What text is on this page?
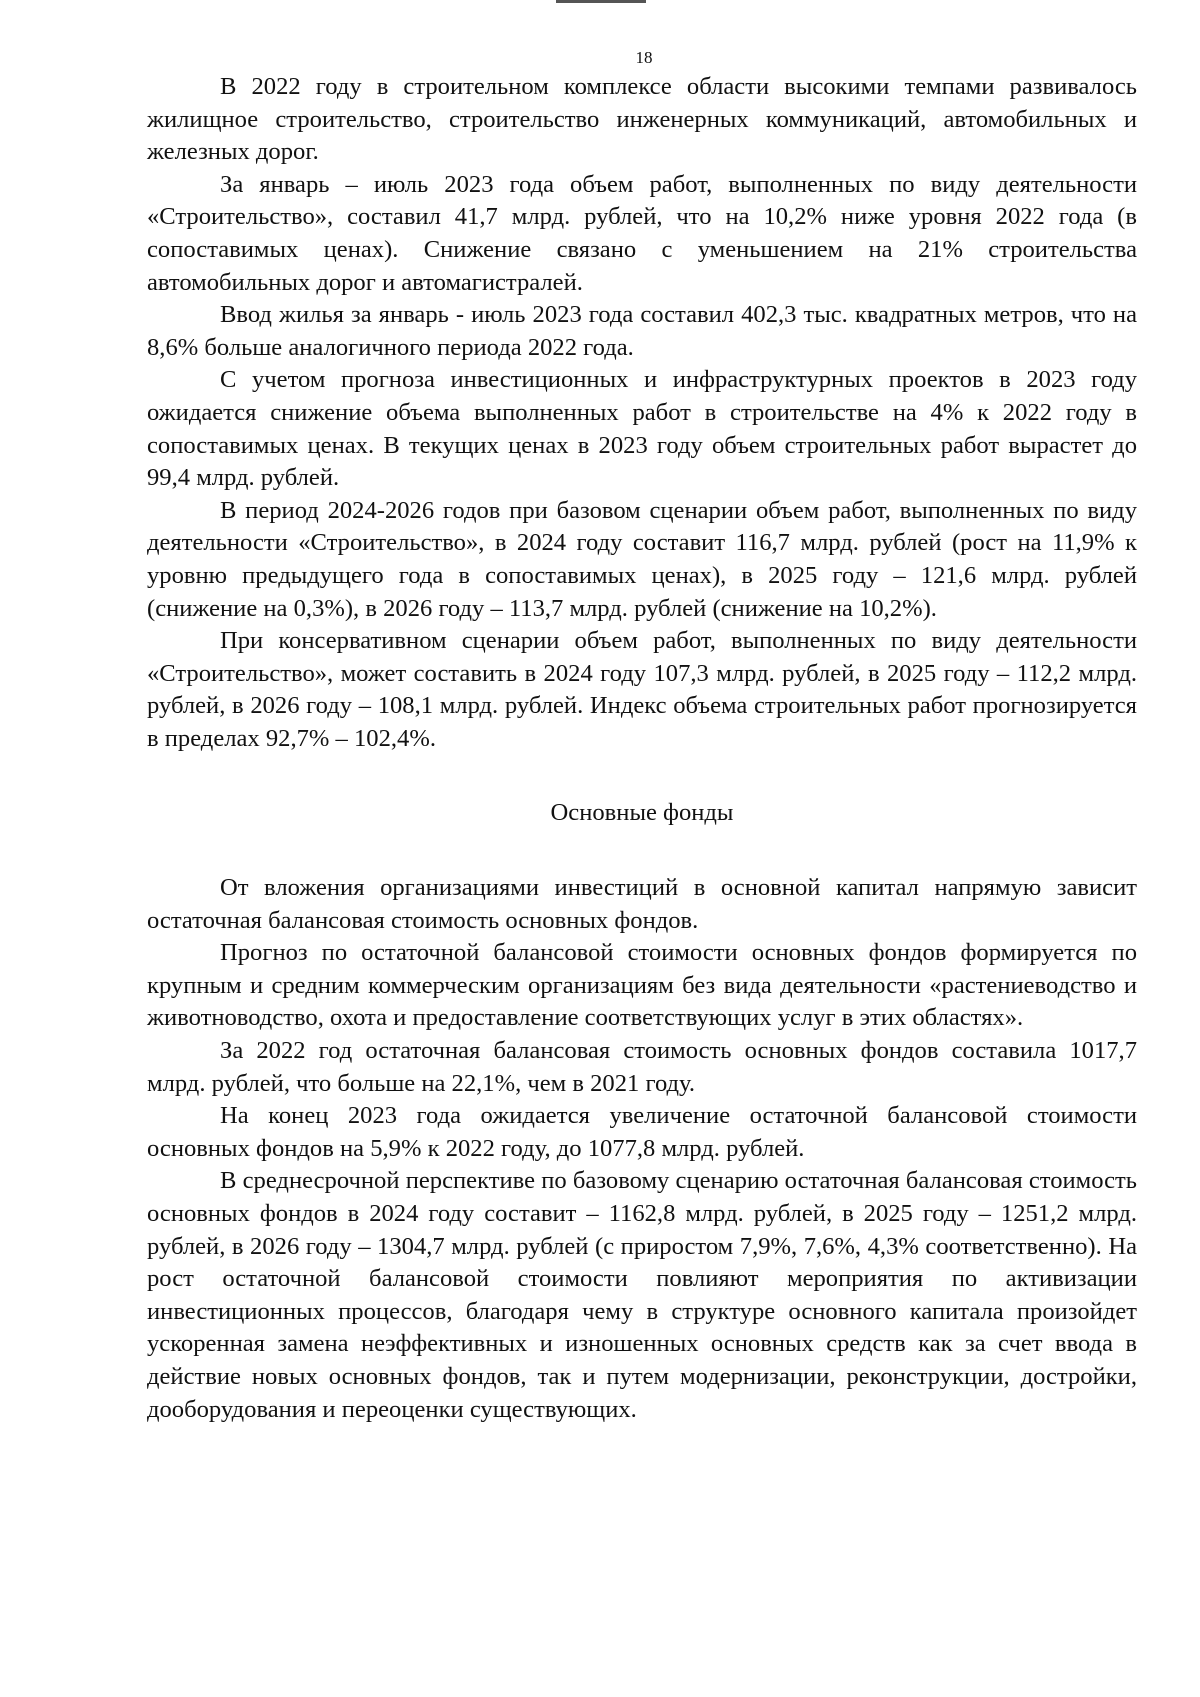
18

В 2022 году в строительном комплексе области высокими темпами развивалось жилищное строительство, строительство инженерных коммуникаций, автомобильных и железных дорог.

За январь – июль 2023 года объем работ, выполненных по виду деятельности «Строительство», составил 41,7 млрд. рублей, что на 10,2% ниже уровня 2022 года (в сопоставимых ценах). Снижение связано с уменьшением на 21% строительства автомобильных дорог и автомагистралей.

Ввод жилья за январь - июль 2023 года составил 402,3 тыс. квадратных метров, что на 8,6% больше аналогичного периода 2022 года.

С учетом прогноза инвестиционных и инфраструктурных проектов в 2023 году ожидается снижение объема выполненных работ в строительстве на 4% к 2022 году в сопоставимых ценах. В текущих ценах в 2023 году объем строительных работ вырастет до 99,4 млрд. рублей.

В период 2024-2026 годов при базовом сценарии объем работ, выполненных по виду деятельности «Строительство», в 2024 году составит 116,7 млрд. рублей (рост на 11,9% к уровню предыдущего года в сопоставимых ценах), в 2025 году – 121,6 млрд. рублей (снижение на 0,3%), в 2026 году – 113,7 млрд. рублей (снижение на 10,2%).

При консервативном сценарии объем работ, выполненных по виду деятельности «Строительство», может составить в 2024 году 107,3 млрд. рублей, в 2025 году – 112,2 млрд. рублей, в 2026 году – 108,1 млрд. рублей. Индекс объема строительных работ прогнозируется в пределах 92,7% – 102,4%.

Основные фонды

От вложения организациями инвестиций в основной капитал напрямую зависит остаточная балансовая стоимость основных фондов.

Прогноз по остаточной балансовой стоимости основных фондов формируется по крупным и средним коммерческим организациям без вида деятельности «растениеводство и животноводство, охота и предоставление соответствующих услуг в этих областях».

За 2022 год остаточная балансовая стоимость основных фондов составила 1017,7 млрд. рублей, что больше на 22,1%, чем в 2021 году.

На конец 2023 года ожидается увеличение остаточной балансовой стоимости основных фондов на 5,9% к 2022 году, до 1077,8 млрд. рублей.

В среднесрочной перспективе по базовому сценарию остаточная балансовая стоимость основных фондов в 2024 году составит – 1162,8 млрд. рублей, в 2025 году – 1251,2 млрд. рублей, в 2026 году – 1304,7 млрд. рублей (с приростом 7,9%, 7,6%, 4,3% соответственно). На рост остаточной балансовой стоимости повлияют мероприятия по активизации инвестиционных процессов, благодаря чему в структуре основного капитала произойдет ускоренная замена неэффективных и изношенных основных средств как за счет ввода в действие новых основных фондов, так и путем модернизации, реконструкции, достройки, дооборудования и переоценки существующих.
